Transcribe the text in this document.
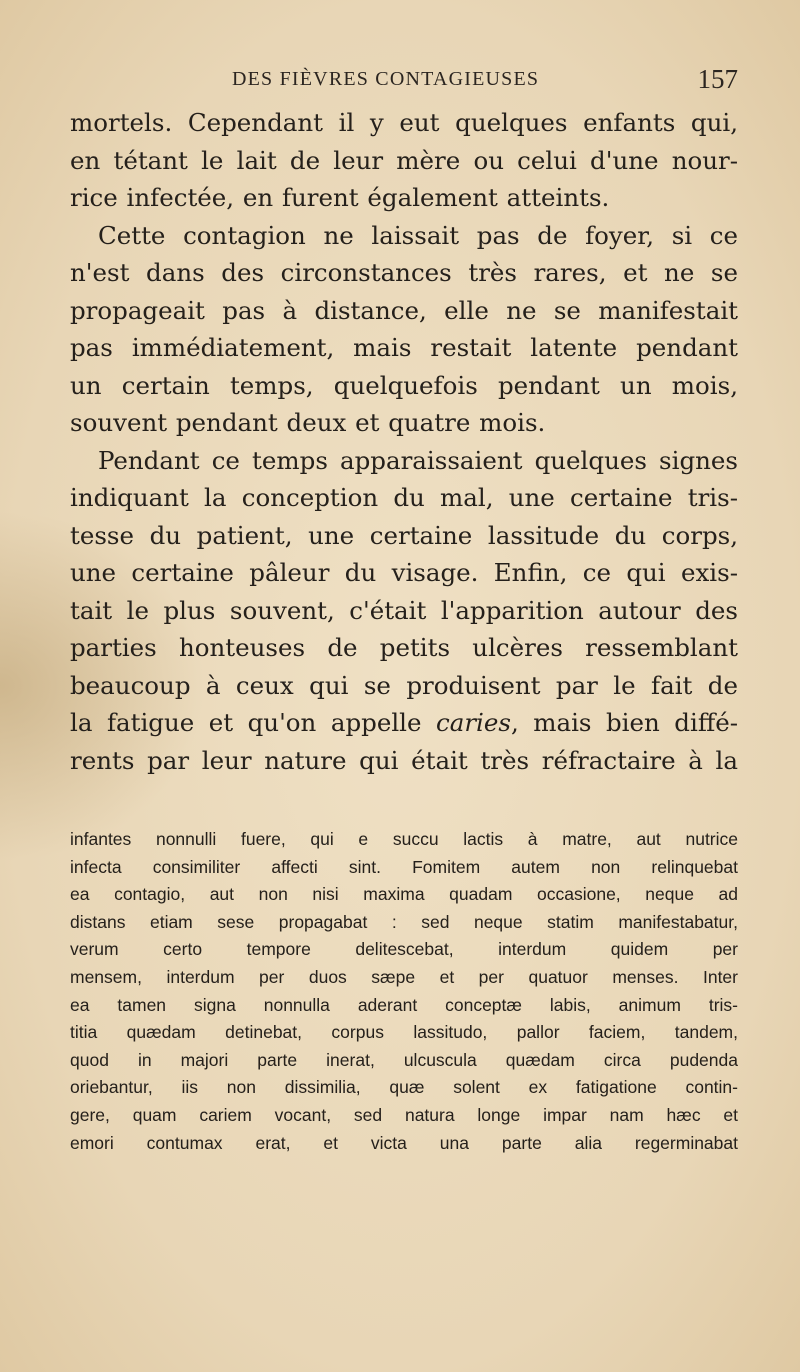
DES FIÈVRES CONTAGIEUSES	157
mortels. Cependant il y eut quelques enfants qui,
en tétant le lait de leur mère ou celui d'une nour-
rice infectée, en furent également atteints.
Cette contagion ne laissait pas de foyer, si ce
n'est dans des circonstances très rares, et ne se
propageait pas à distance, elle ne se manifestait
pas immédiatement, mais restait latente pendant
un certain temps, quelquefois pendant un mois,
souvent pendant deux et quatre mois.
Pendant ce temps apparaissaient quelques signes
indiquant la conception du mal, une certaine tris-
tesse du patient, une certaine lassitude du corps,
une certaine pâleur du visage. Enfin, ce qui exis-
tait le plus souvent, c'était l'apparition autour des
parties honteuses de petits ulcères ressemblant
beaucoup à ceux qui se produisent par le fait de
la fatigue et qu'on appelle caries, mais bien diffé-
rents par leur nature qui était très réfractaire à la
infantes nonnulli fuere, qui e succu lactis à matre, aut nutrice
infecta consimiliter affecti sint. Fomitem autem non relinquebat
ea contagio, aut non nisi maxima quadam occasione, neque ad
distans etiam sese propagabat : sed neque statim manifestabatur,
verum certo tempore delitescebat, interdum quidem per
mensem, interdum per duos sæpe et per quatuor menses. Inter
ea tamen signa nonnulla aderant conceptæ labis, animum tris-
titia quædam detinebat, corpus lassitudo, pallor faciem, tandem,
quod in majori parte inerat, ulcuscula quædam circa pudenda
oriebantur, iis non dissimilia, quæ solent ex fatigatione contin-
gere, quam cariem vocant, sed natura longe impar nam hæc et
emori contumax erat, et victa una parte alia regerminabat
